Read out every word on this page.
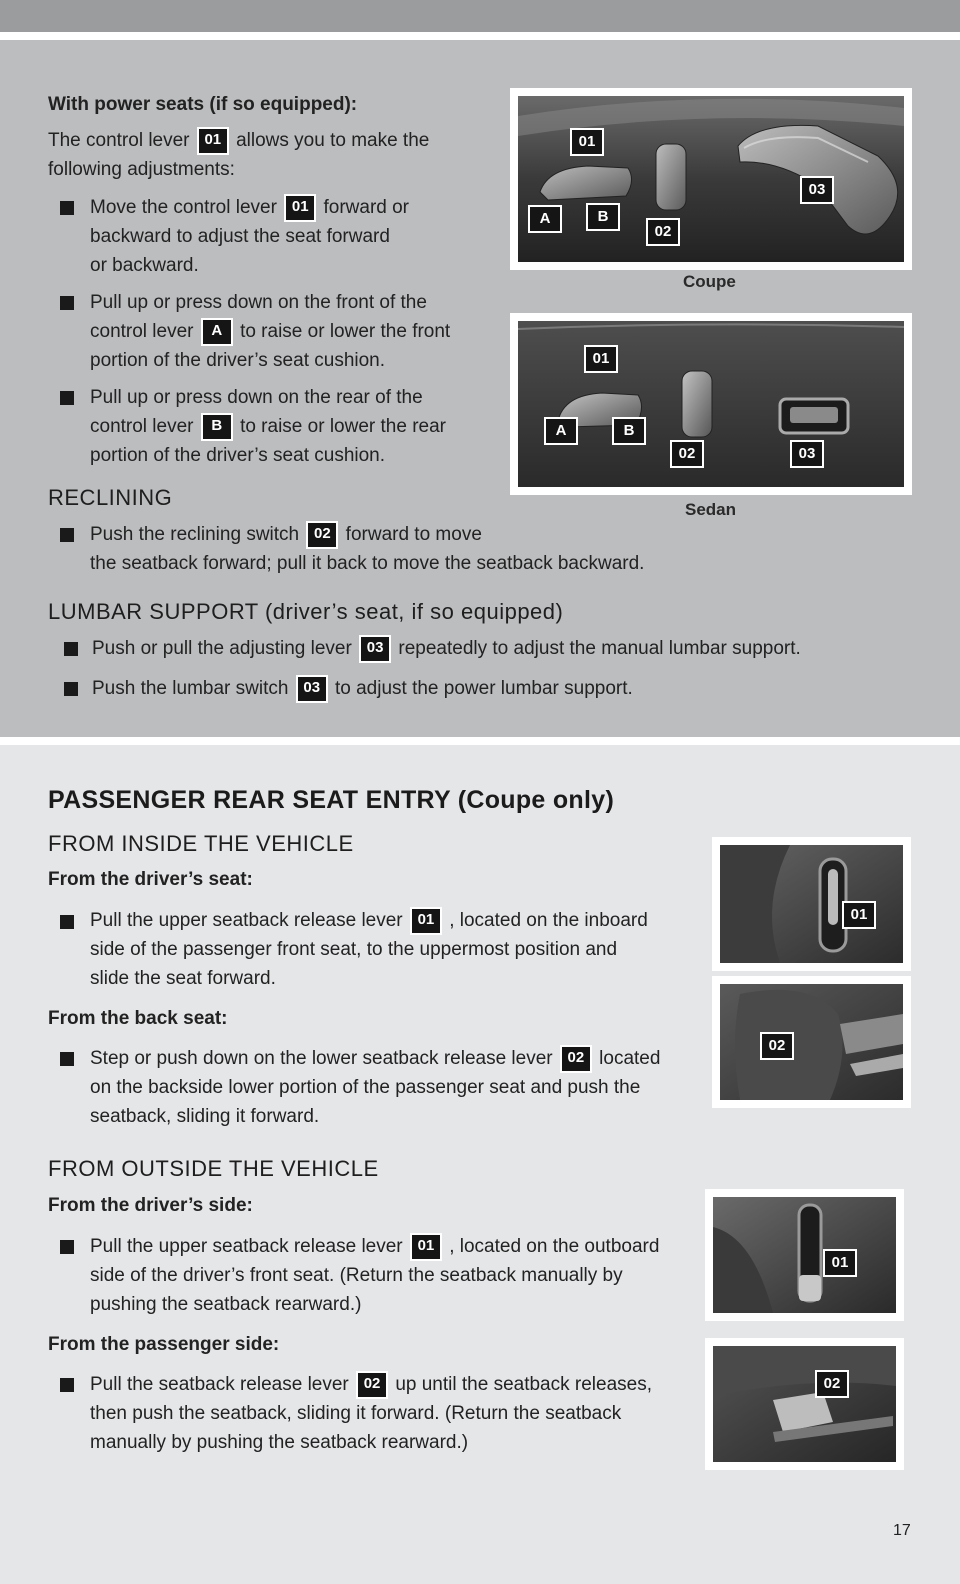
With power seats (if so equipped):
The control lever 01 allows you to make the
following adjustments:
Move the control lever 01 forward or
backward to adjust the seat forward
or backward.
Pull up or press down on the front of the
control lever A to raise or lower the front
portion of the driver’s seat cushion.
Pull up or press down on the rear of the
control lever B to raise or lower the rear
portion of the driver’s seat cushion.
RECLINING
Push the reclining switch 02 forward to move
the seatback forward; pull it back to move the seatback backward.
LUMBAR SUPPORT (driver’s seat, if so equipped)
Push or pull the adjusting lever 03 repeatedly to adjust the manual lumbar support.
Push the lumbar switch 03 to adjust the power lumbar support.
01
03
A	B
02
Coupe
01
A	B
02	03
Sedan
PASSENGER REAR SEAT ENTRY (Coupe only)
FROM INSIDE THE VEHICLE
From the driver’s seat:
Pull the upper seatback release lever 01 , located on the inboard
side of the passenger front seat, to the uppermost position and
slide the seat forward.
From the back seat:
Step or push down on the lower seatback release lever 02 located
on the backside lower portion of the passenger seat and push the
seatback, sliding it forward.
FROM OUTSIDE THE VEHICLE
From the driver’s side:
Pull the upper seatback release lever 01 , located on the outboard
side of the driver’s front seat. (Return the seatback manually by
pushing the seatback rearward.)
From the passenger side:
Pull the seatback release lever 02 up until the seatback releases,
then push the seatback, sliding it forward. (Return the seatback
manually by pushing the seatback rearward.)
01
02
01
02
17
